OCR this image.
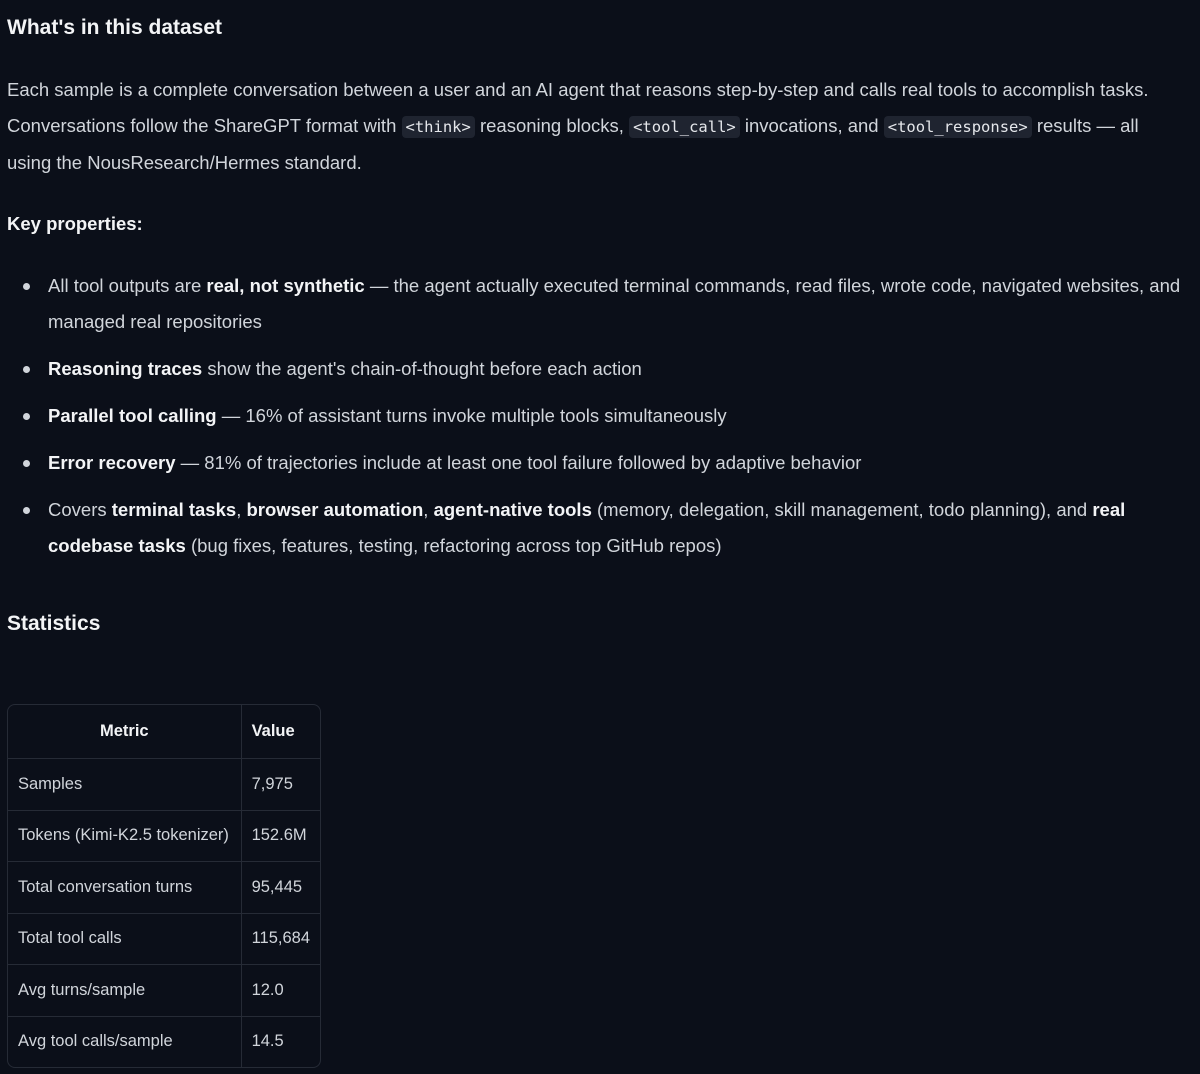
What's in this dataset

Each sample is a complete conversation between a user and an AI agent that reasons step-by-step and calls real tools to accomplish tasks. Conversations follow the ShareGPT format with <think> reasoning blocks, <tool_call> invocations, and <tool_response> results — all using the NousResearch/Hermes standard.

Key properties:

All tool outputs are real, not synthetic — the agent actually executed terminal commands, read files, wrote code, navigated websites, and managed real repositories
Reasoning traces show the agent's chain-of-thought before each action
Parallel tool calling — 16% of assistant turns invoke multiple tools simultaneously
Error recovery — 81% of trajectories include at least one tool failure followed by adaptive behavior
Covers terminal tasks, browser automation, agent-native tools (memory, delegation, skill management, todo planning), and real codebase tasks (bug fixes, features, testing, refactoring across top GitHub repos)
Statistics
Metric	Value
Samples	7,975
Tokens (Kimi-K2.5 tokenizer)	152.6M
Total conversation turns	95,445
Total tool calls	115,684
Avg turns/sample	12.0
Avg tool calls/sample	14.5
